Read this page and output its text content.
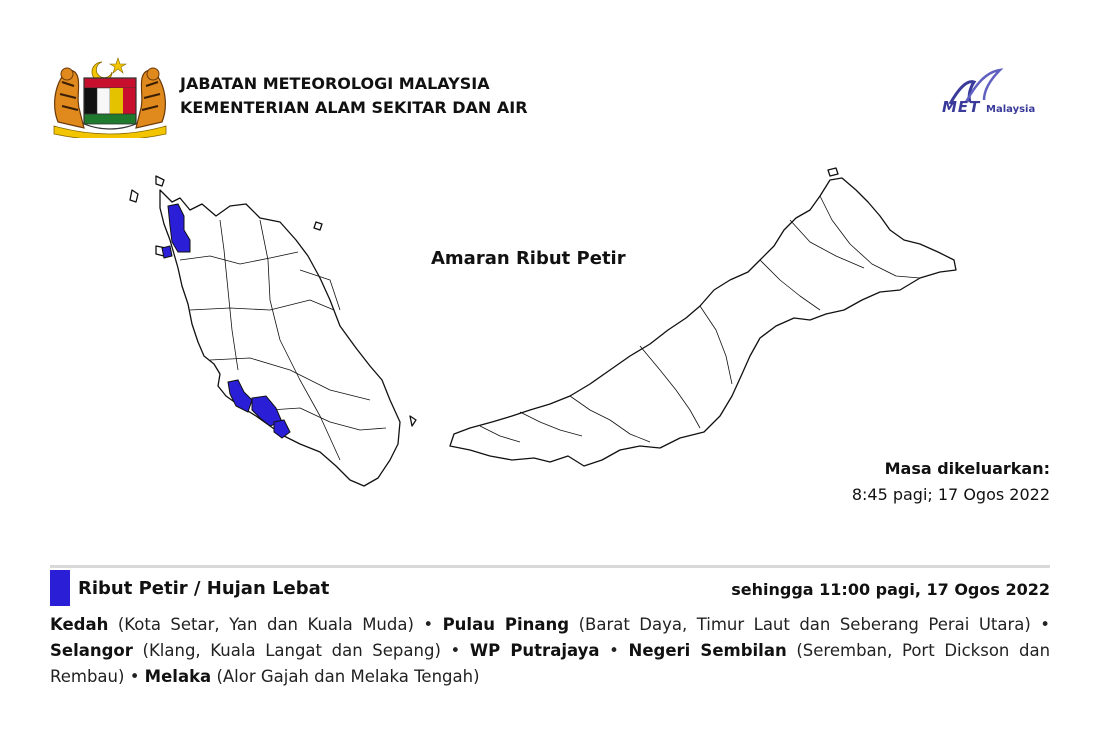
JABATAN METEOROLOGI MALAYSIA
KEMENTERIAN ALAM SEKITAR DAN AIR	MET Malaysia
Amaran Ribut Petir
Masa dikeluarkan:
8:45 pagi; 17 Ogos 2022
Ribut Petir / Hujan Lebat	sehingga 11:00 pagi, 17 Ogos 2022
Kedah (Kota Setar, Yan dan Kuala Muda) • Pulau Pinang (Barat Daya, Timur Laut dan Seberang Perai Utara) • Selangor (Klang, Kuala Langat dan Sepang) • WP Putrajaya • Negeri Sembilan (Seremban, Port Dickson dan Rembau) • Melaka (Alor Gajah dan Melaka Tengah)
